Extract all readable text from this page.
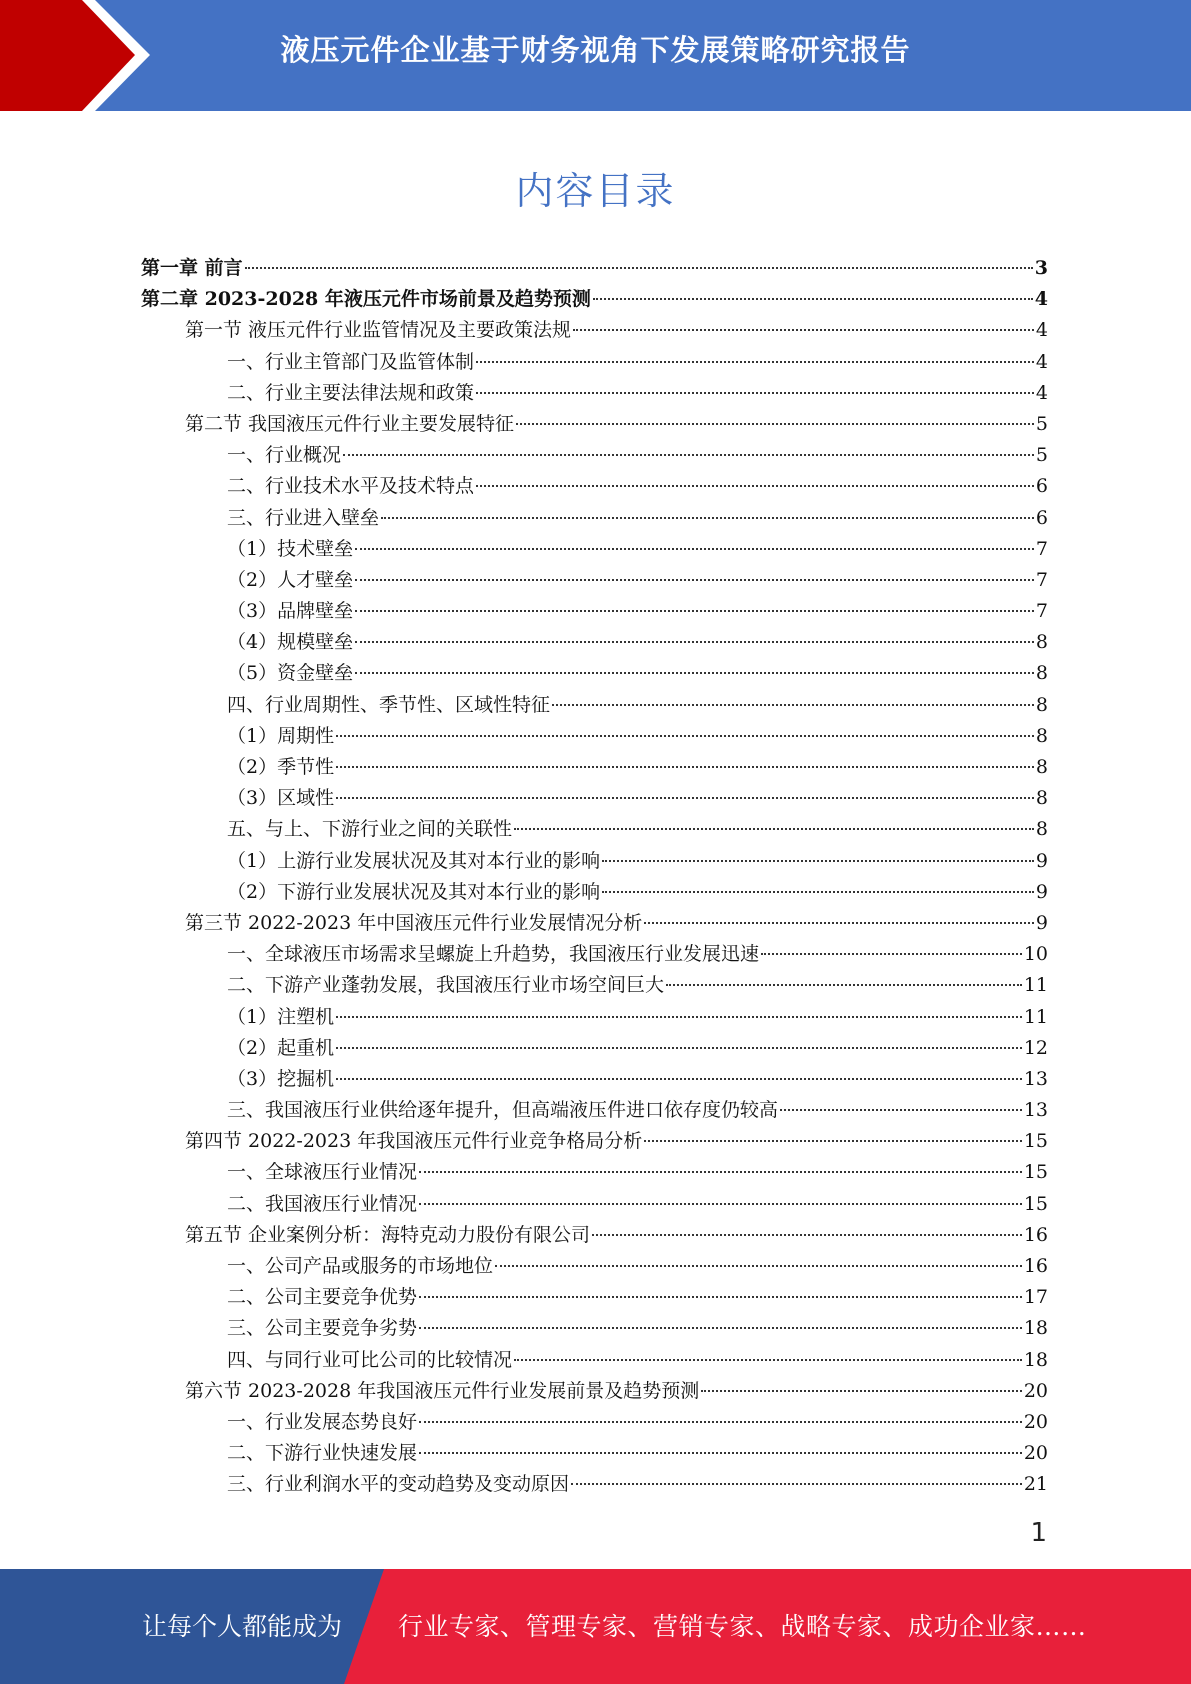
液压元件企业基于财务视角下发展策略研究报告
内容目录
第一章 前言	3
第二章 2023-2028 年液压元件市场前景及趋势预测	4
第一节 液压元件行业监管情况及主要政策法规	4
一、行业主管部门及监管体制	4
二、行业主要法律法规和政策	4
第二节 我国液压元件行业主要发展特征	5
一、行业概况	5
二、行业技术水平及技术特点	6
三、行业进入壁垒	6
（1）技术壁垒	7
（2）人才壁垒	7
（3）品牌壁垒	7
（4）规模壁垒	8
（5）资金壁垒	8
四、行业周期性、季节性、区域性特征	8
（1）周期性	8
（2）季节性	8
（3）区域性	8
五、与上、下游行业之间的关联性	8
（1）上游行业发展状况及其对本行业的影响	9
（2）下游行业发展状况及其对本行业的影响	9
第三节 2022-2023 年中国液压元件行业发展情况分析	9
一、全球液压市场需求呈螺旋上升趋势，我国液压行业发展迅速	10
二、下游产业蓬勃发展，我国液压行业市场空间巨大	11
（1）注塑机	11
（2）起重机	12
（3）挖掘机	13
三、我国液压行业供给逐年提升，但高端液压件进口依存度仍较高	13
第四节 2022-2023 年我国液压元件行业竞争格局分析	15
一、全球液压行业情况	15
二、我国液压行业情况	15
第五节 企业案例分析：海特克动力股份有限公司	16
一、公司产品或服务的市场地位	16
二、公司主要竞争优势	17
三、公司主要竞争劣势	18
四、与同行业可比公司的比较情况	18
第六节 2023-2028 年我国液压元件行业发展前景及趋势预测	20
一、行业发展态势良好	20
二、下游行业快速发展	20
三、行业利润水平的变动趋势及变动原因	21
1
让每个人都能成为 行业专家、管理专家、营销专家、战略专家、成功企业家……
